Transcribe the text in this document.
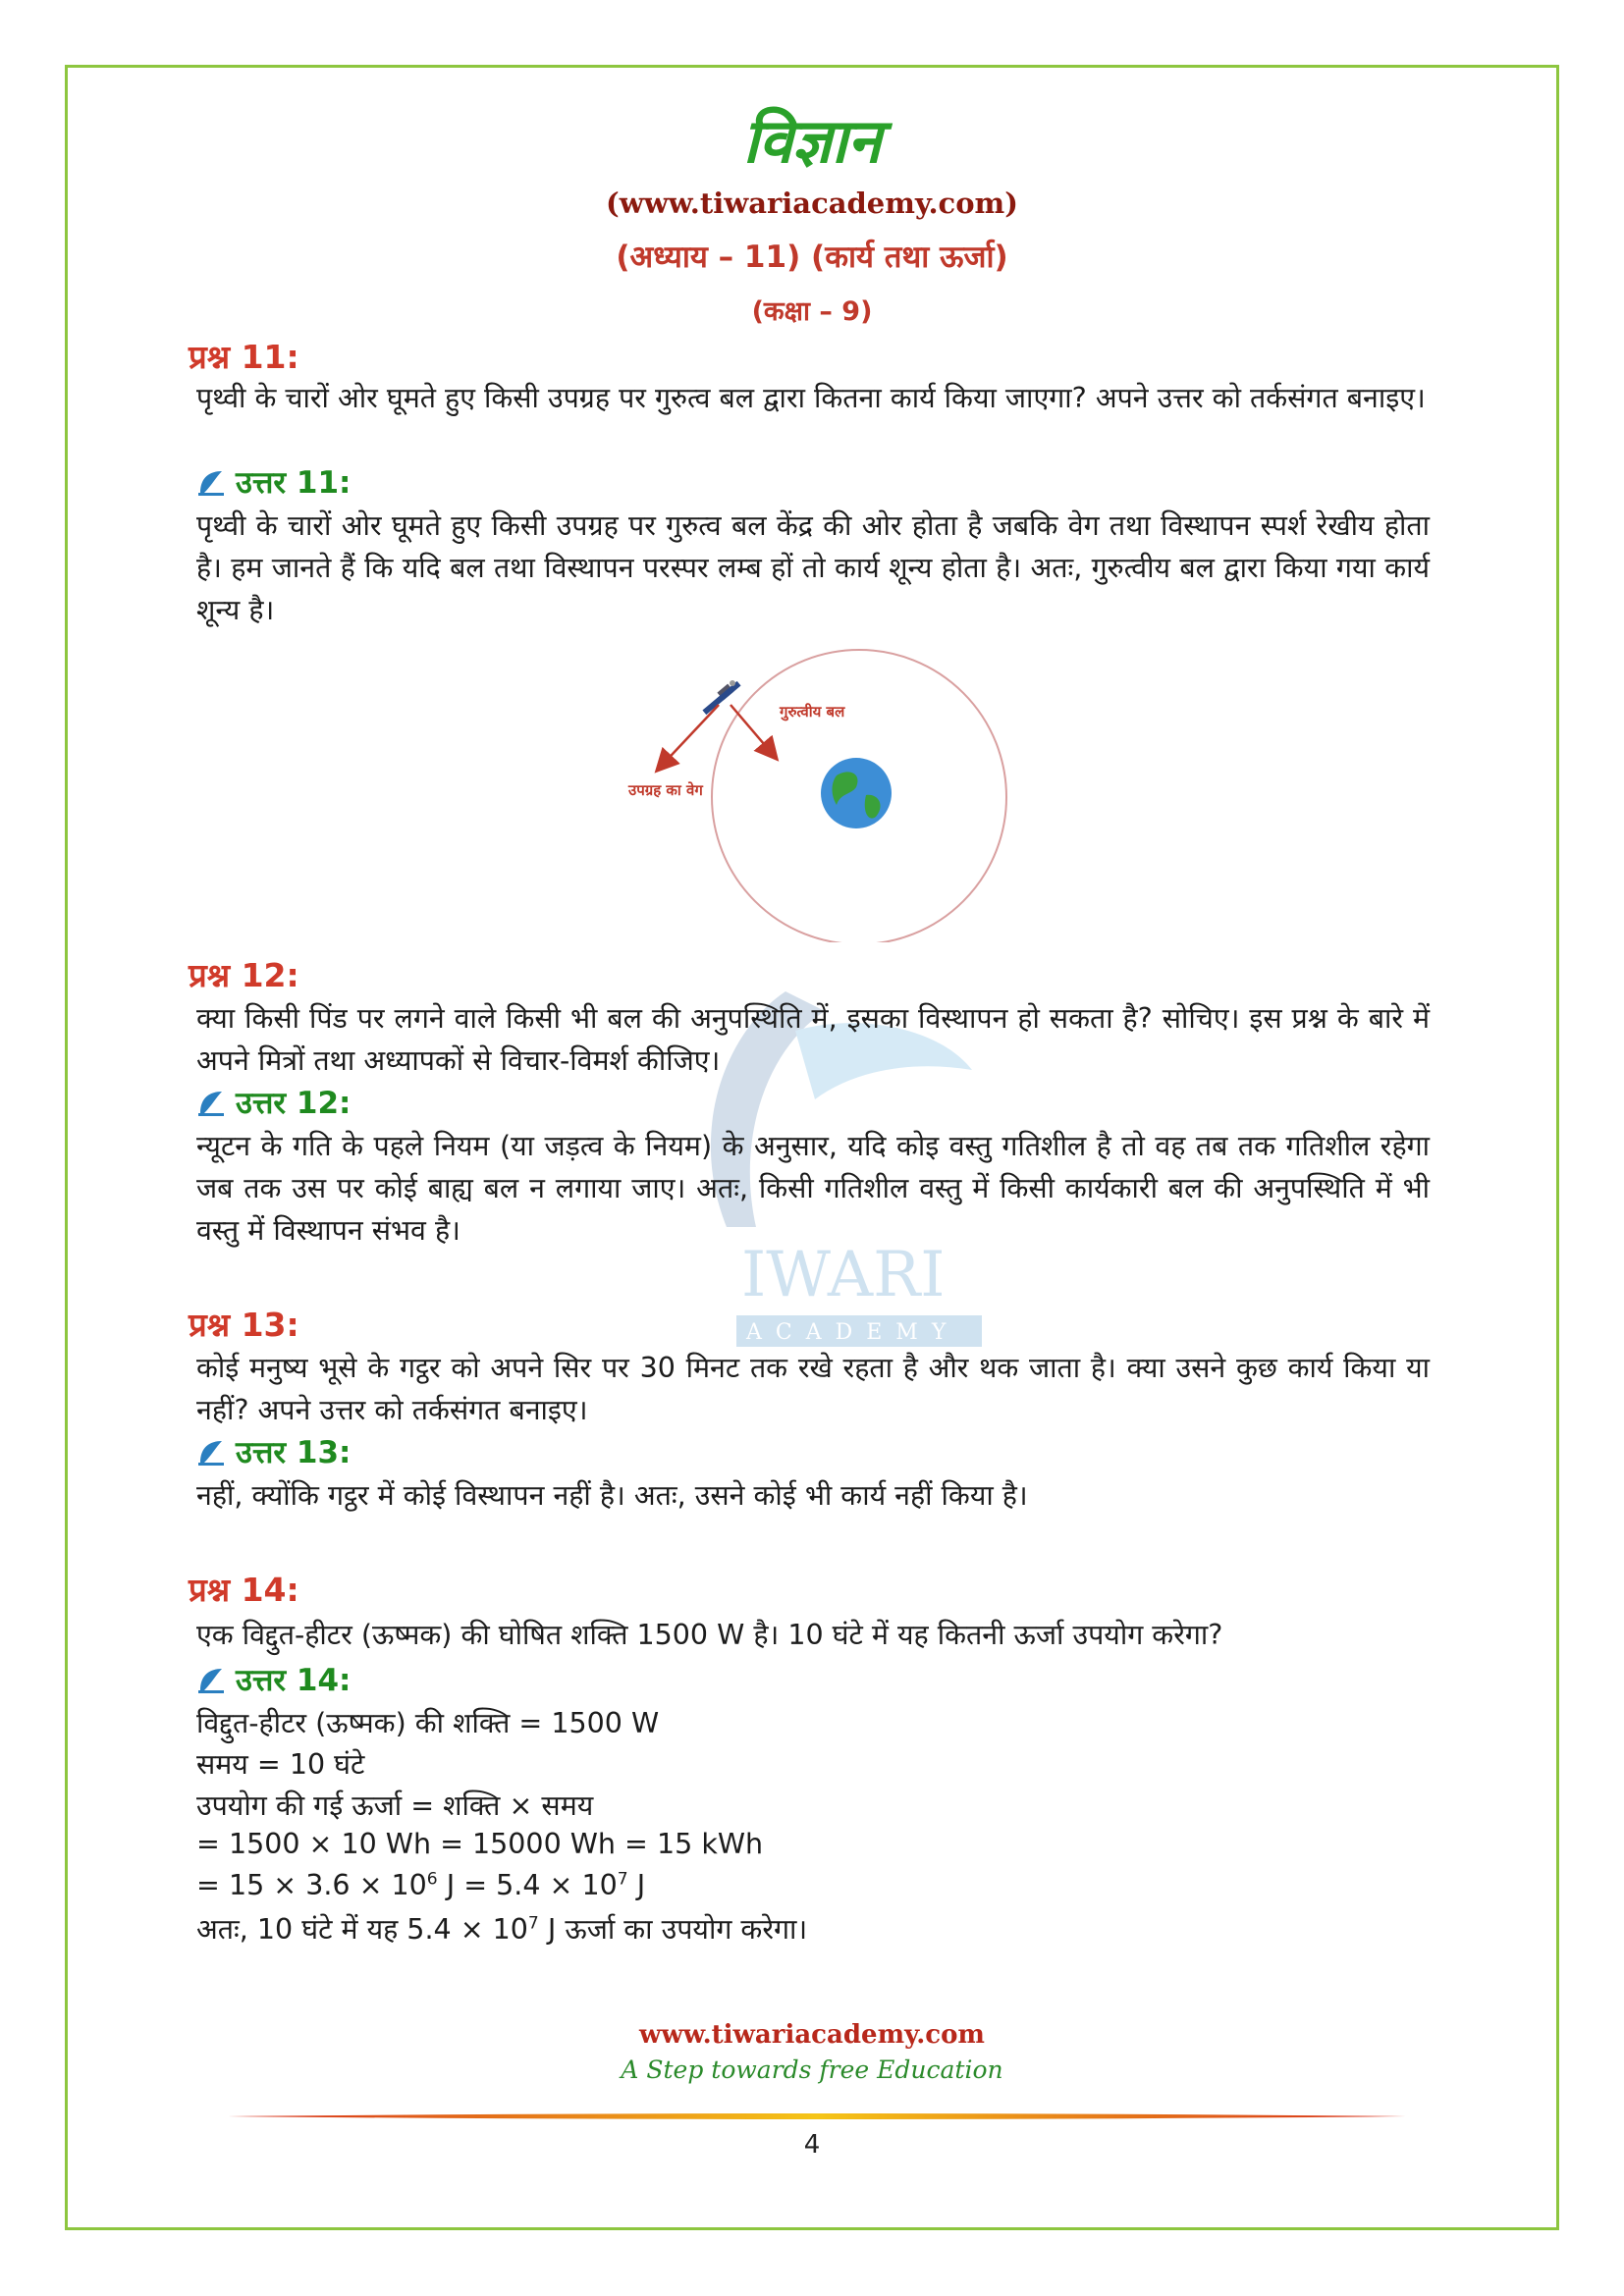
विज्ञान
(www.tiwariacademy.com)
(अध्याय – 11) (कार्य तथा ऊर्जा)
(कक्षा – 9)
IWARI
ACADEMY
प्रश्न 11:
पृथ्वी के चारों ओर घूमते हुए किसी उपग्रह पर गुरुत्व बल द्वारा कितना कार्य किया जाएगा? अपने उत्तर को तर्कसंगत बनाइए।
उत्तर 11:
पृथ्वी के चारों ओर घूमते हुए किसी उपग्रह पर गुरुत्व बल केंद्र की ओर होता है जबकि वेग तथा विस्थापन स्पर्श रेखीय होता है। हम जानते हैं कि यदि बल तथा विस्थापन परस्पर लम्ब हों तो कार्य शून्य होता है। अतः, गुरुत्वीय बल द्वारा किया गया कार्य शून्य है।
गुरुत्वीय बल
उपग्रह का वेग
प्रश्न 12:
क्या किसी पिंड पर लगने वाले किसी भी बल की अनुपस्थिति में, इसका विस्थापन हो सकता है? सोचिए। इस प्रश्न के बारे में अपने मित्रों तथा अध्यापकों से विचार-विमर्श कीजिए।
उत्तर 12:
न्यूटन के गति के पहले नियम (या जड़त्व के नियम) के अनुसार, यदि कोइ वस्तु गतिशील है तो वह तब तक गतिशील रहेगा जब तक उस पर कोई बाह्य बल न लगाया जाए। अतः, किसी गतिशील वस्तु में किसी कार्यकारी बल की अनुपस्थिति में भी वस्तु में विस्थापन संभव है।
प्रश्न 13:
कोई मनुष्य भूसे के गट्ठर को अपने सिर पर 30 मिनट तक रखे रहता है और थक जाता है। क्या उसने कुछ कार्य किया या नहीं? अपने उत्तर को तर्कसंगत बनाइए।
उत्तर 13:
नहीं, क्योंकि गट्ठर में कोई विस्थापन नहीं है। अतः, उसने कोई भी कार्य नहीं किया है।
प्रश्न 14:
एक विद्दुत-हीटर (ऊष्मक) की घोषित शक्ति 1500 W है। 10 घंटे में यह कितनी ऊर्जा उपयोग करेगा?
उत्तर 14:
विद्दुत-हीटर (ऊष्मक) की शक्ति = 1500 W
समय = 10 घंटे
उपयोग की गई ऊर्जा = शक्ति × समय
= 1500 × 10 Wh = 15000 Wh = 15 kWh
= $15 \times 3.6 \times 10^6$ $J = 5.4 \times 10^7$ J
अतः, 10 घंटे में यह $5.4 \times 10^7$ J ऊर्जा का उपयोग करेगा।
www.tiwariacademy.com
A Step towards free Education
4
